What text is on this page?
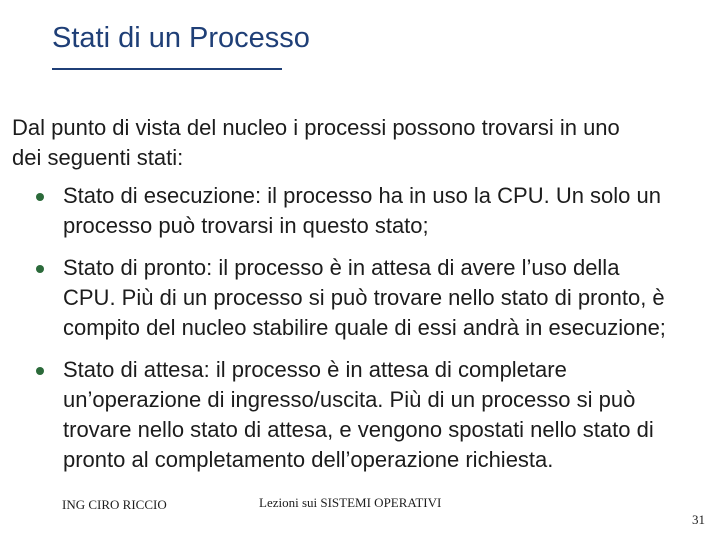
Stati di un Processo
Dal punto di vista del nucleo i processi possono trovarsi in uno dei seguenti stati:
Stato di esecuzione: il processo ha in uso la CPU. Un solo un processo può trovarsi in questo stato;
Stato di pronto: il processo è in attesa di avere l’uso della CPU. Più di un processo si può trovare nello stato di pronto, è compito del nucleo stabilire quale di essi andrà in esecuzione;
Stato di attesa: il processo è in attesa di completare un’operazione di ingresso/uscita. Più di un processo si può trovare nello stato di attesa, e vengono spostati nello stato di pronto al completamento dell’operazione richiesta.
ING CIRO RICCIO	Lezioni sui SISTEMI OPERATIVI
31
